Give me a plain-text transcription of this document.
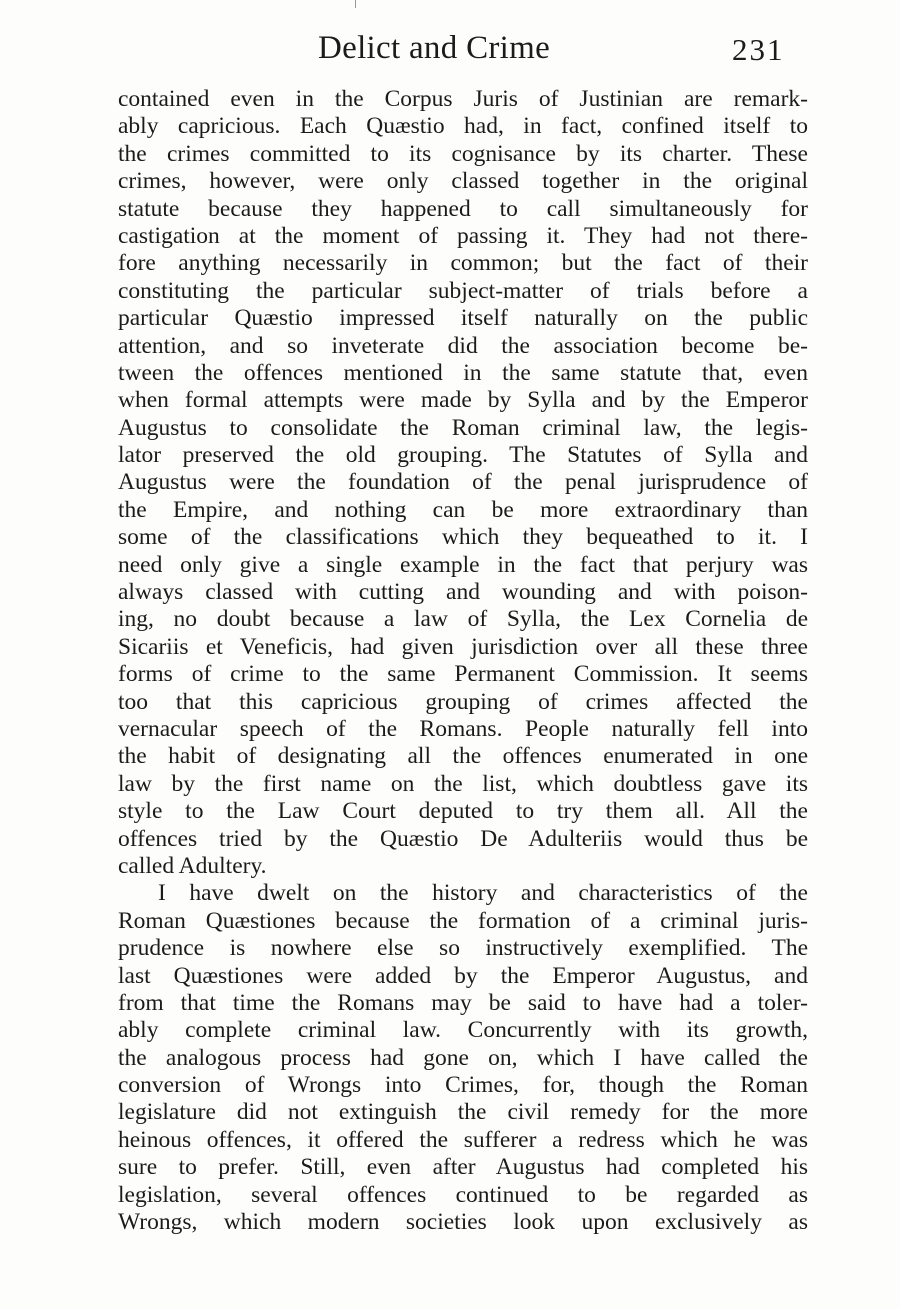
Delict and Crime	231
contained even in the Corpus Juris of Justinian are remark-
ably capricious. Each Quæstio had, in fact, confined itself to
the crimes committed to its cognisance by its charter. These
crimes, however, were only classed together in the original
statute because they happened to call simultaneously for
castigation at the moment of passing it. They had not there-
fore anything necessarily in common; but the fact of their
constituting the particular subject-matter of trials before a
particular Quæstio impressed itself naturally on the public
attention, and so inveterate did the association become be-
tween the offences mentioned in the same statute that, even
when formal attempts were made by Sylla and by the Emperor
Augustus to consolidate the Roman criminal law, the legis-
lator preserved the old grouping. The Statutes of Sylla and
Augustus were the foundation of the penal jurisprudence of
the Empire, and nothing can be more extraordinary than
some of the classifications which they bequeathed to it. I
need only give a single example in the fact that perjury was
always classed with cutting and wounding and with poison-
ing, no doubt because a law of Sylla, the Lex Cornelia de
Sicariis et Veneficis, had given jurisdiction over all these three
forms of crime to the same Permanent Commission. It seems
too that this capricious grouping of crimes affected the
vernacular speech of the Romans. People naturally fell into
the habit of designating all the offences enumerated in one
law by the first name on the list, which doubtless gave its
style to the Law Court deputed to try them all. All the
offences tried by the Quæstio De Adulteriis would thus be
called Adultery.
I have dwelt on the history and characteristics of the
Roman Quæstiones because the formation of a criminal juris-
prudence is nowhere else so instructively exemplified. The
last Quæstiones were added by the Emperor Augustus, and
from that time the Romans may be said to have had a toler-
ably complete criminal law. Concurrently with its growth,
the analogous process had gone on, which I have called the
conversion of Wrongs into Crimes, for, though the Roman
legislature did not extinguish the civil remedy for the more
heinous offences, it offered the sufferer a redress which he was
sure to prefer. Still, even after Augustus had completed his
legislation, several offences continued to be regarded as
Wrongs, which modern societies look upon exclusively as
